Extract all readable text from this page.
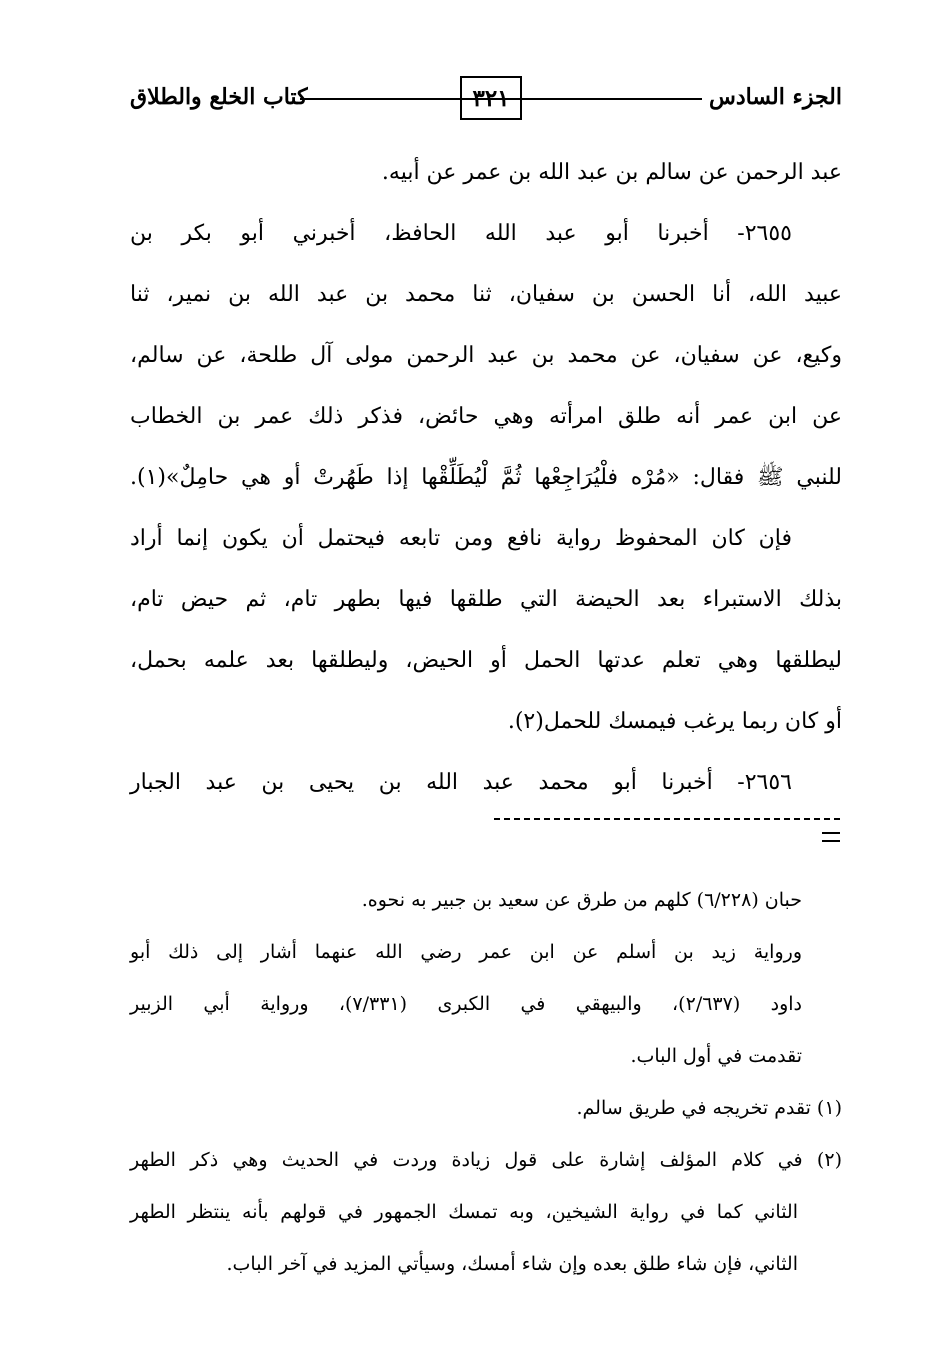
الجزء السادس
٣٢١
كتاب الخلع والطلاق
عبد الرحمن عن سالم بن عبد الله بن عمر عن أبيه.
٢٦٥٥- أخبرنا أبو عبد الله الحافظ، أخبرني أبو بكر بن
عبيد الله، أنا الحسن بن سفيان، ثنا محمد بن عبد الله بن نمير، ثنا
وكيع، عن سفيان، عن محمد بن عبد الرحمن مولى آل طلحة، عن سالم،
عن ابن عمر أنه طلق امرأته وهي حائض، فذكر ذلك عمر بن الخطاب
للنبي ﷺ فقال: «مُرْه فلْيُرَاجِعْها ثُمَّ لْيُطَلِّقْها إذا طَهُرتْ أو هي حامِلٌ»(١).
فإن كان المحفوظ رواية نافع ومن تابعه فيحتمل أن يكون إنما أراد
بذلك الاستبراء بعد الحيضة التي طلقها فيها بطهر تام، ثم حيض تام،
ليطلقها وهي تعلم عدتها الحمل أو الحيض، وليطلقها بعد علمه بحمل،
أو كان ربما يرغب فيمسك للحمل(٢).
٢٦٥٦- أخبرنا أبو محمد عبد الله بن يحيى بن عبد الجبار
حبان (٦/٢٢٨) كلهم من طرق عن سعيد بن جبير به نحوه.
ورواية زيد بن أسلم عن ابن عمر رضي الله عنهما أشار إلى ذلك أبو
داود (٢/٦٣٧)، والبيهقي في الكبرى (٧/٣٣١)، ورواية أبي الزبير
تقدمت في أول الباب.
(١) تقدم تخريجه في طريق سالم.
(٢) في كلام المؤلف إشارة على قول زيادة وردت في الحديث وهي ذكر الطهر
الثاني كما في رواية الشيخين، وبه تمسك الجمهور في قولهم بأنه ينتظر الطهر
الثاني، فإن شاء طلق بعده وإن شاء أمسك، وسيأتي المزيد في آخر الباب.
